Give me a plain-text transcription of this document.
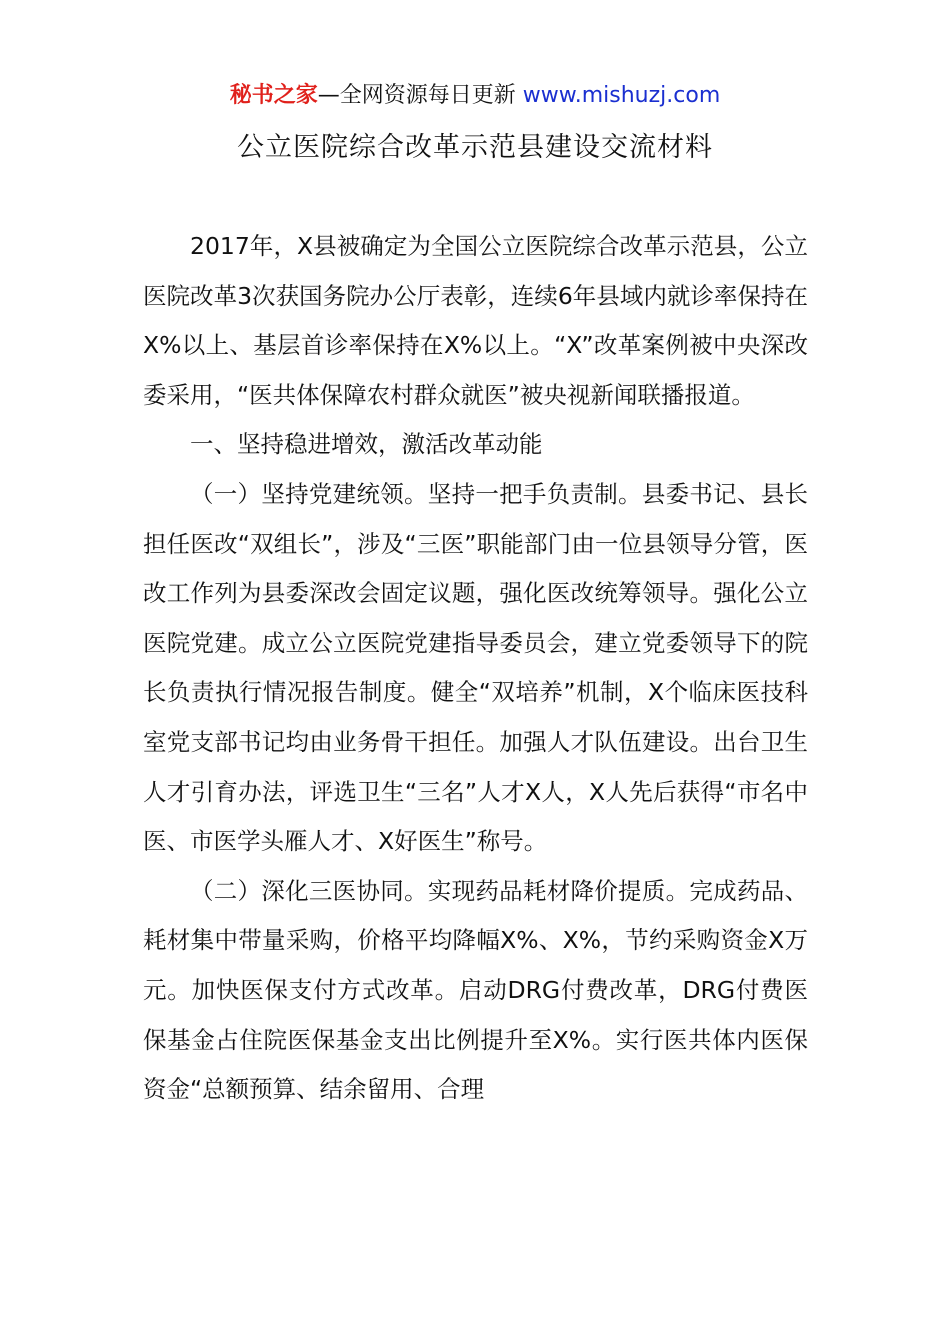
秘书之家—全网资源每日更新 www.mishuzj.com
公立医院综合改革示范县建设交流材料

2017年，X县被确定为全国公立医院综合改革示范县，公立医院改革3次获国务院办公厅表彰，连续6年县域内就诊率保持在X%以上、基层首诊率保持在X%以上。“X”改革案例被中央深改委采用，“医共体保障农村群众就医”被央视新闻联播报道。

一、坚持稳进增效，激活改革动能

（一）坚持党建统领。坚持一把手负责制。县委书记、县长担任医改“双组长”，涉及“三医”职能部门由一位县领导分管，医改工作列为县委深改会固定议题，强化医改统筹领导。强化公立医院党建。成立公立医院党建指导委员会，建立党委领导下的院长负责执行情况报告制度。健全“双培养”机制，X个临床医技科室党支部书记均由业务骨干担任。加强人才队伍建设。出台卫生人才引育办法，评选卫生“三名”人才X人，X人先后获得“市名中医、市医学头雁人才、X好医生”称号。

（二）深化三医协同。实现药品耗材降价提质。完成药品、耗材集中带量采购，价格平均降幅X%、X%，节约采购资金X万元。加快医保支付方式改革。启动DRG付费改革，DRG付费医保基金占住院医保基金支出比例提升至X%。实行医共体内医保资金“总额预算、结余留用、合理
